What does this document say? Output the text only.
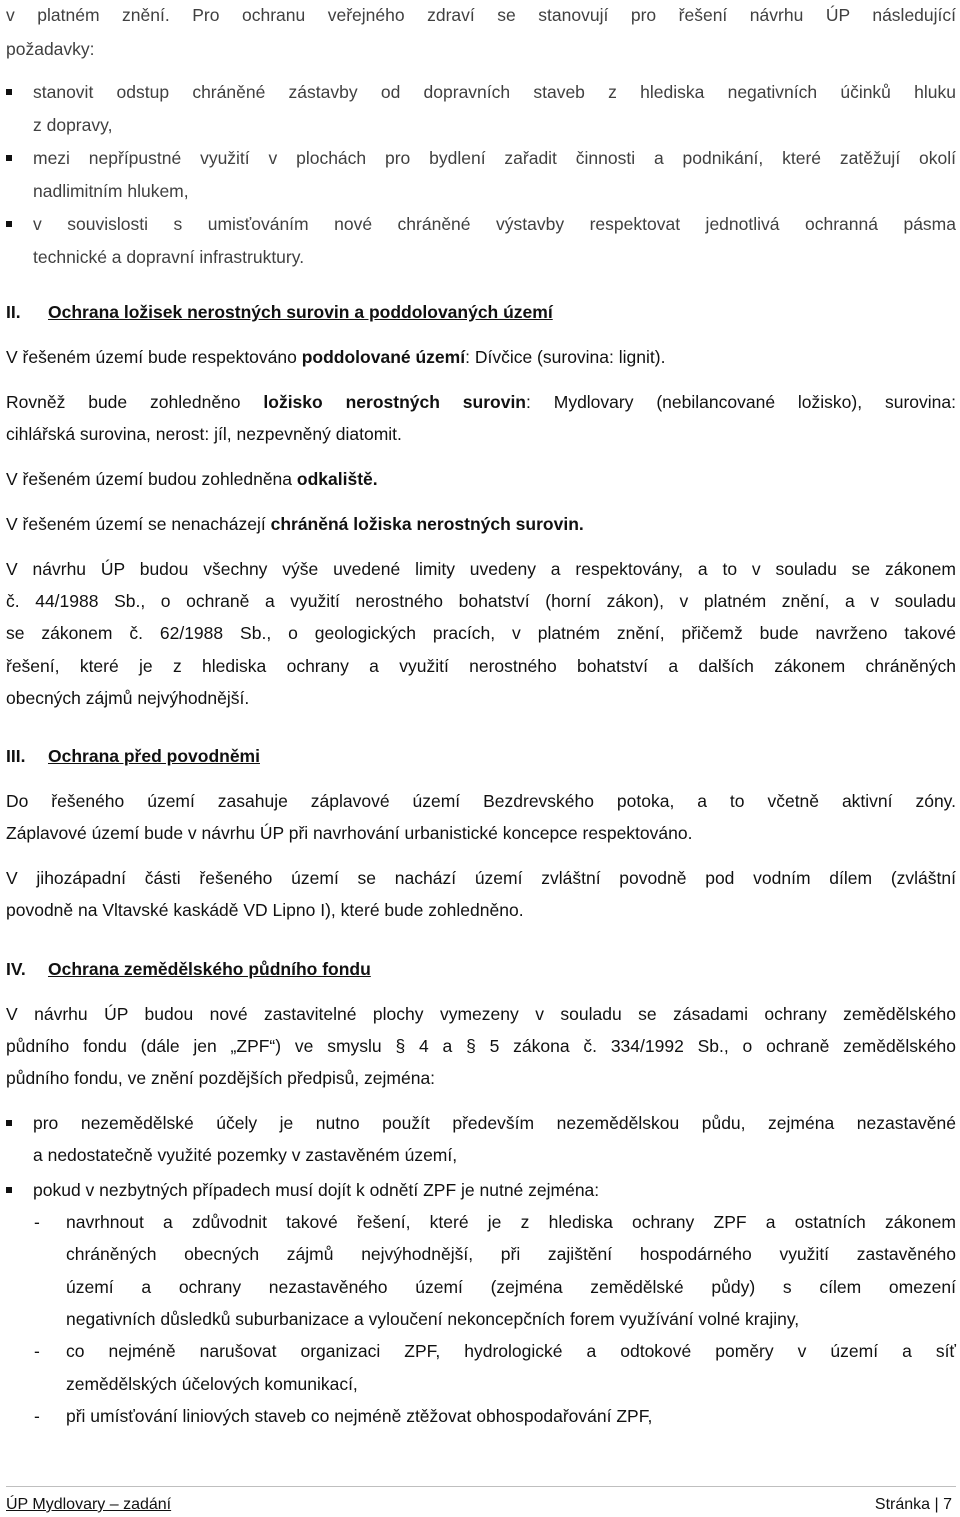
v platném znění. Pro ochranu veřejného zdraví se stanovují pro řešení návrhu ÚP následující
požadavky:
stanovit odstup chráněné zástavby od dopravních staveb z hlediska negativních účinků hluku
z dopravy,
mezi nepřípustné využití v plochách pro bydlení zařadit činnosti a podnikání, které zatěžují okolí
nadlimitním hlukem,
v souvislosti s umisťováním nové chráněné výstavby respektovat jednotlivá ochranná pásma
technické a dopravní infrastruktury.
II. Ochrana ložisek nerostných surovin a poddolovaných území
V řešeném území bude respektováno poddolované území: Dívčice (surovina: lignit).
Rovněž bude zohledněno ložisko nerostných surovin: Mydlovary (nebilancované ložisko), surovina:
cihlářská surovina, nerost: jíl, nezpevněný diatomit.
V řešeném území budou zohledněna odkaliště.
V řešeném území se nenacházejí chráněná ložiska nerostných surovin.
V návrhu ÚP budou všechny výše uvedené limity uvedeny a respektovány, a to v souladu se zákonem
č. 44/1988 Sb., o ochraně a využití nerostného bohatství (horní zákon), v platném znění, a v souladu
se zákonem č. 62/1988 Sb., o geologických pracích, v platném znění, přičemž bude navrženo takové
řešení, které je z hlediska ochrany a využití nerostného bohatství a dalších zákonem chráněných
obecných zájmů nejvýhodnější.
III. Ochrana před povodněmi
Do řešeného území zasahuje záplavové území Bezdrevského potoka, a to včetně aktivní zóny.
Záplavové území bude v návrhu ÚP při navrhování urbanistické koncepce respektováno.
V jihozápadní části řešeného území se nachází území zvláštní povodně pod vodním dílem (zvláštní
povodně na Vltavské kaskádě VD Lipno I), které bude zohledněno.
IV. Ochrana zemědělského půdního fondu
V návrhu ÚP budou nové zastavitelné plochy vymezeny v souladu se zásadami ochrany zemědělského
půdního fondu (dále jen „ZPF“) ve smyslu § 4 a § 5 zákona č. 334/1992 Sb., o ochraně zemědělského
půdního fondu, ve znění pozdějších předpisů, zejména:
pro nezemědělské účely je nutno použít především nezemědělskou půdu, zejména nezastavěné
a nedostatečně využité pozemky v zastavěném území,
pokud v nezbytných případech musí dojít k odnětí ZPF je nutné zejména:
- navrhnout a zdůvodnit takové řešení, které je z hlediska ochrany ZPF a ostatních zákonem
chráněných obecných zájmů nejvýhodnější, při zajištění hospodárného využití zastavěného
území a ochrany nezastavěného území (zejména zemědělské půdy) s cílem omezení
negativních důsledků suburbanizace a vyloučení nekoncepčních forem využívání volné krajiny,
- co nejméně narušovat organizaci ZPF, hydrologické a odtokové poměry v území a síť
zemědělských účelových komunikací,
- při umísťování liniových staveb co nejméně ztěžovat obhospodařování ZPF,
ÚP Mydlovary – zadání	Stránka | 7
